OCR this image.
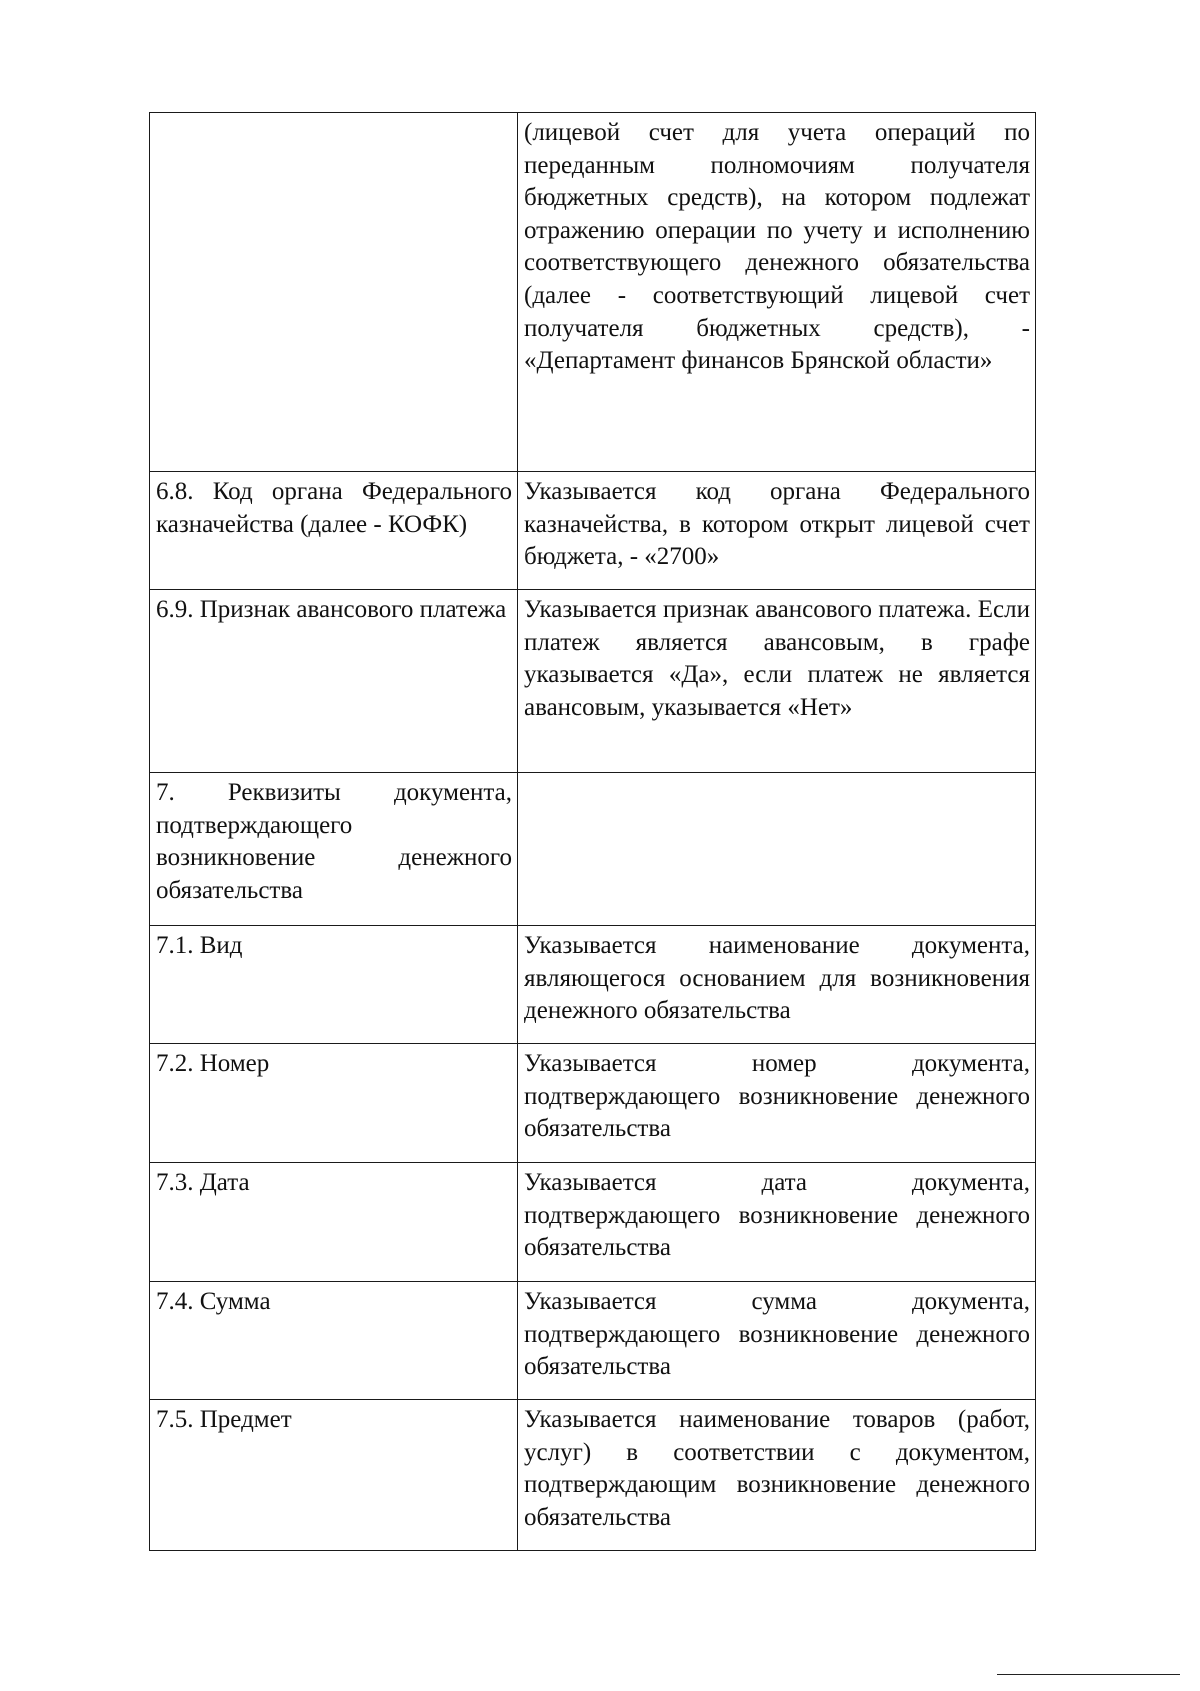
	(лицевой счет для учета операций по переданным полномочиям получателя бюджетных средств), на котором подлежат отражению операции по учету и исполнению соответствующего денежного обязательства (далее - соответствующий лицевой счет получателя бюджетных средств), - «Департамент финансов Брянской области»
6.8. Код органа Федерального казначейства (далее - КОФК)	Указывается код органа Федерального казначейства, в котором открыт лицевой счет бюджета, - «2700»
6.9. Признак авансового платежа	Указывается признак авансового платежа. Если платеж является авансовым, в графе указывается «Да», если платеж не является авансовым, указывается «Нет»
7. Реквизиты документа, подтверждающего возникновение денежного обязательства	
7.1. Вид	Указывается наименование документа, являющегося основанием для возникновения денежного обязательства
7.2. Номер	Указывается номер документа, подтверждающего возникновение денежного обязательства
7.3. Дата	Указывается дата документа, подтверждающего возникновение денежного обязательства
7.4. Сумма	Указывается сумма документа, подтверждающего возникновение денежного обязательства
7.5. Предмет	Указывается наименование товаров (работ, услуг) в соответствии с документом, подтверждающим возникновение денежного обязательства
